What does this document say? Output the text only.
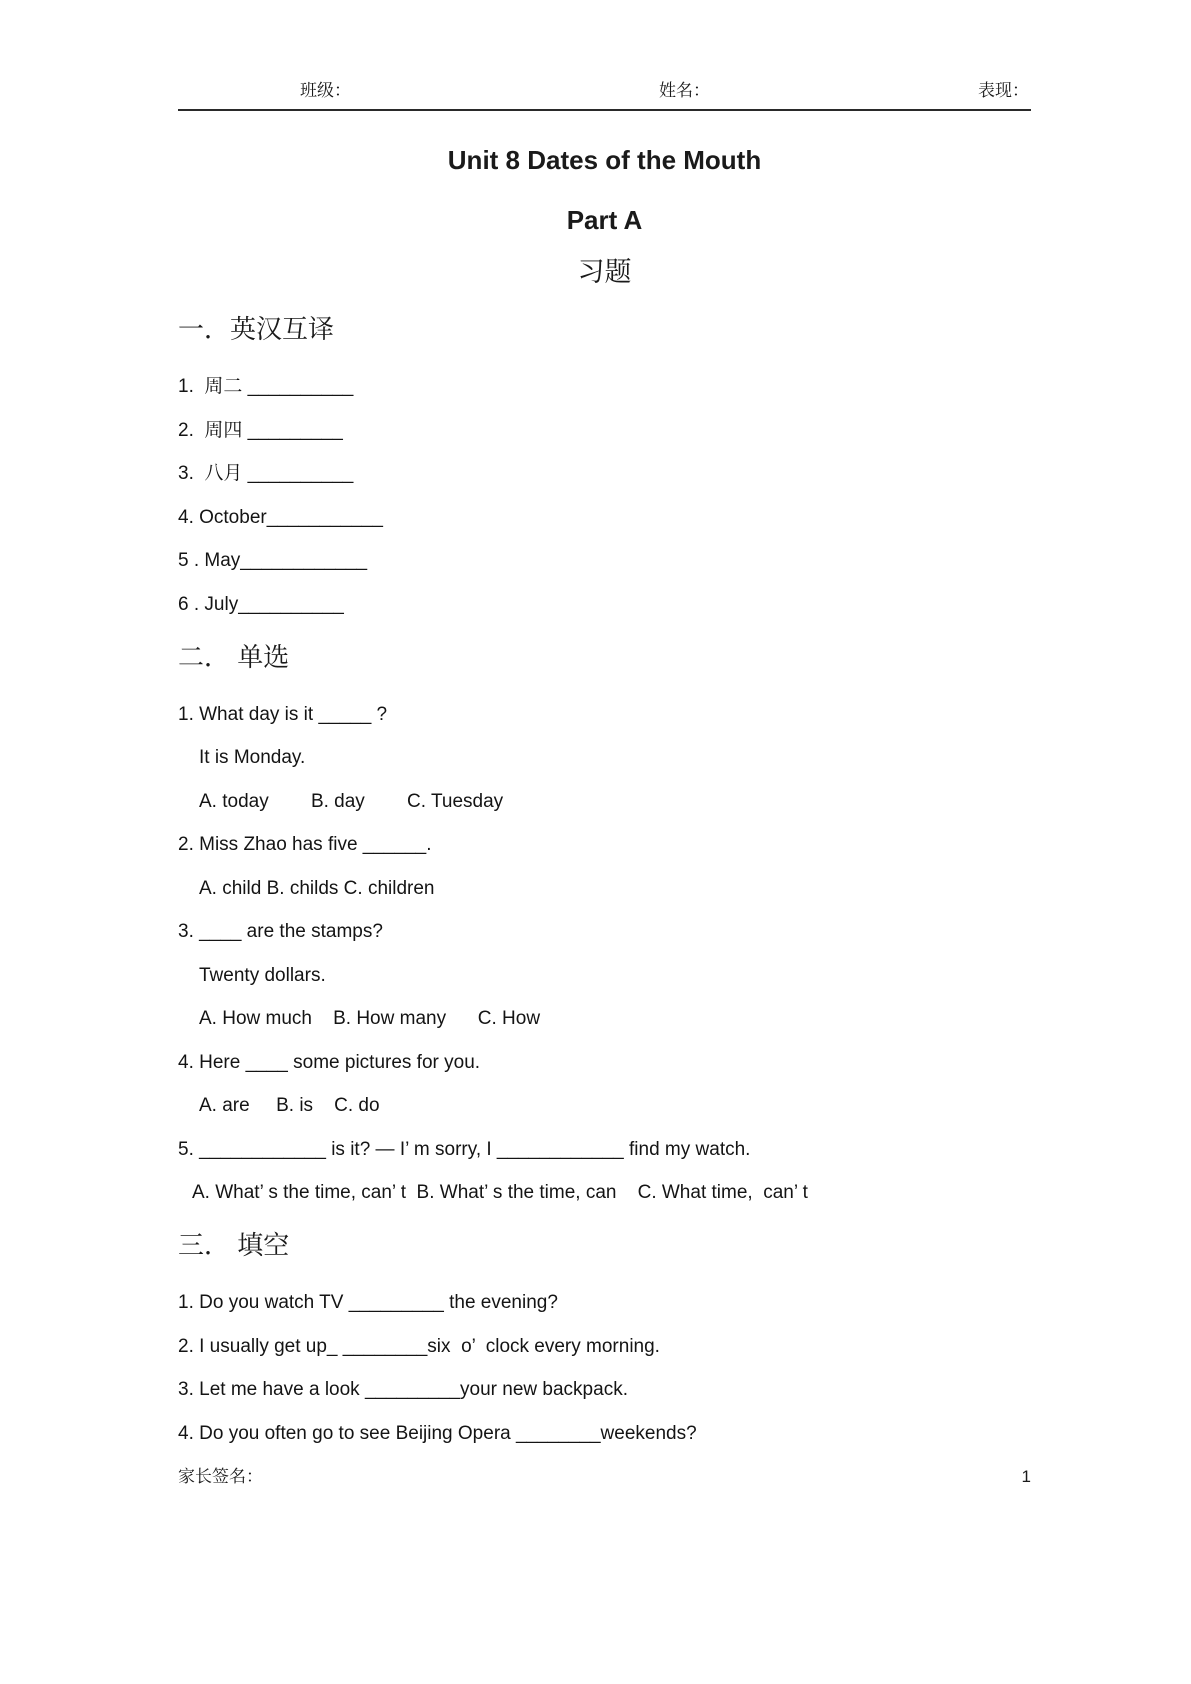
班级：	姓名：	表现：
Unit 8 Dates of the Mouth
Part A
习题
一．英汉互译

1.  周二 __________

2.  周四 _________

3.  八月 __________

4. October___________

5 . May____________

6 . July__________

二． 单选

1. What day is it _____ ?

It is Monday.

A. today        B. day        C. Tuesday

2. Miss Zhao has five ______.

A. child B. childs C. children

3. ____ are the stamps?

Twenty dollars.

A. How much    B. How many      C. How

4. Here ____ some pictures for you.

A. are     B. is    C. do

5. ____________ is it? — I’ m sorry, I ____________ find my watch.

A. What’ s the time, can’ t  B. What’ s the time, can    C. What time,  can’ t

三． 填空

1. Do you watch TV _________ the evening?

2. I usually get up_ ________six  o’  clock every morning.

3. Let me have a look _________your new backpack.

4. Do you often go to see Beijing Opera ________weekends?

家长签名：	1
